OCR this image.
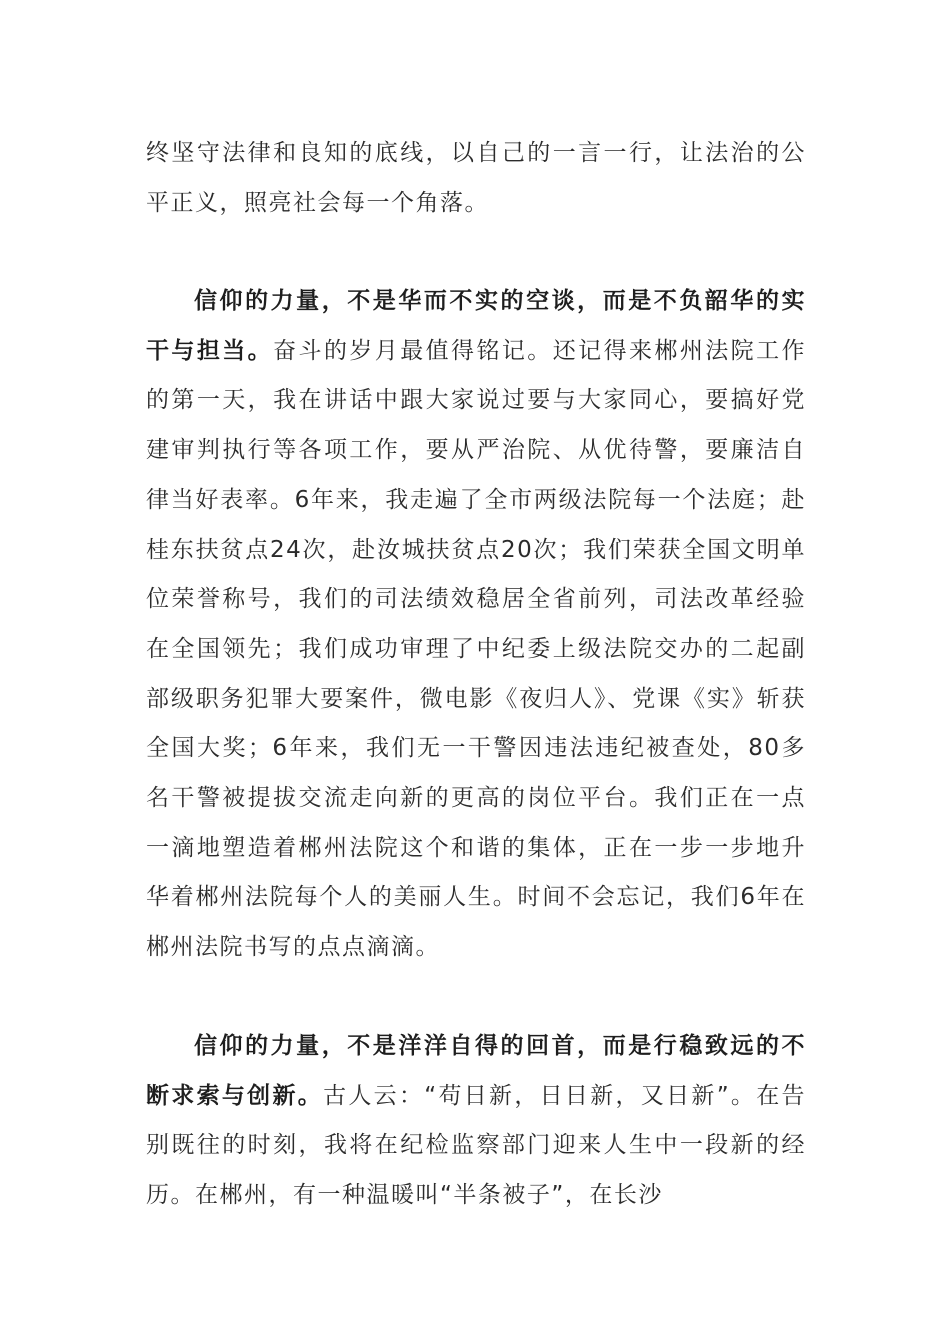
终坚守法律和良知的底线，以自己的一言一行，让法治的公平正义，照亮社会每一个角落。

信仰的力量，不是华而不实的空谈，而是不负韶华的实干与担当。奋斗的岁月最值得铭记。还记得来郴州法院工作的第一天，我在讲话中跟大家说过要与大家同心，要搞好党建审判执行等各项工作，要从严治院、从优待警，要廉洁自律当好表率。6年来，我走遍了全市两级法院每一个法庭；赴桂东扶贫点24次，赴汝城扶贫点20次；我们荣获全国文明单位荣誉称号，我们的司法绩效稳居全省前列，司法改革经验在全国领先；我们成功审理了中纪委上级法院交办的二起副部级职务犯罪大要案件，微电影《夜归人》、党课《实》斩获全国大奖；6年来，我们无一干警因违法违纪被查处，80多名干警被提拔交流走向新的更高的岗位平台。我们正在一点一滴地塑造着郴州法院这个和谐的集体，正在一步一步地升华着郴州法院每个人的美丽人生。时间不会忘记，我们6年在郴州法院书写的点点滴滴。

信仰的力量，不是洋洋自得的回首，而是行稳致远的不断求索与创新。古人云：“苟日新，日日新，又日新”。在告别既往的时刻，我将在纪检监察部门迎来人生中一段新的经历。在郴州，有一种温暖叫“半条被子”，在长沙
